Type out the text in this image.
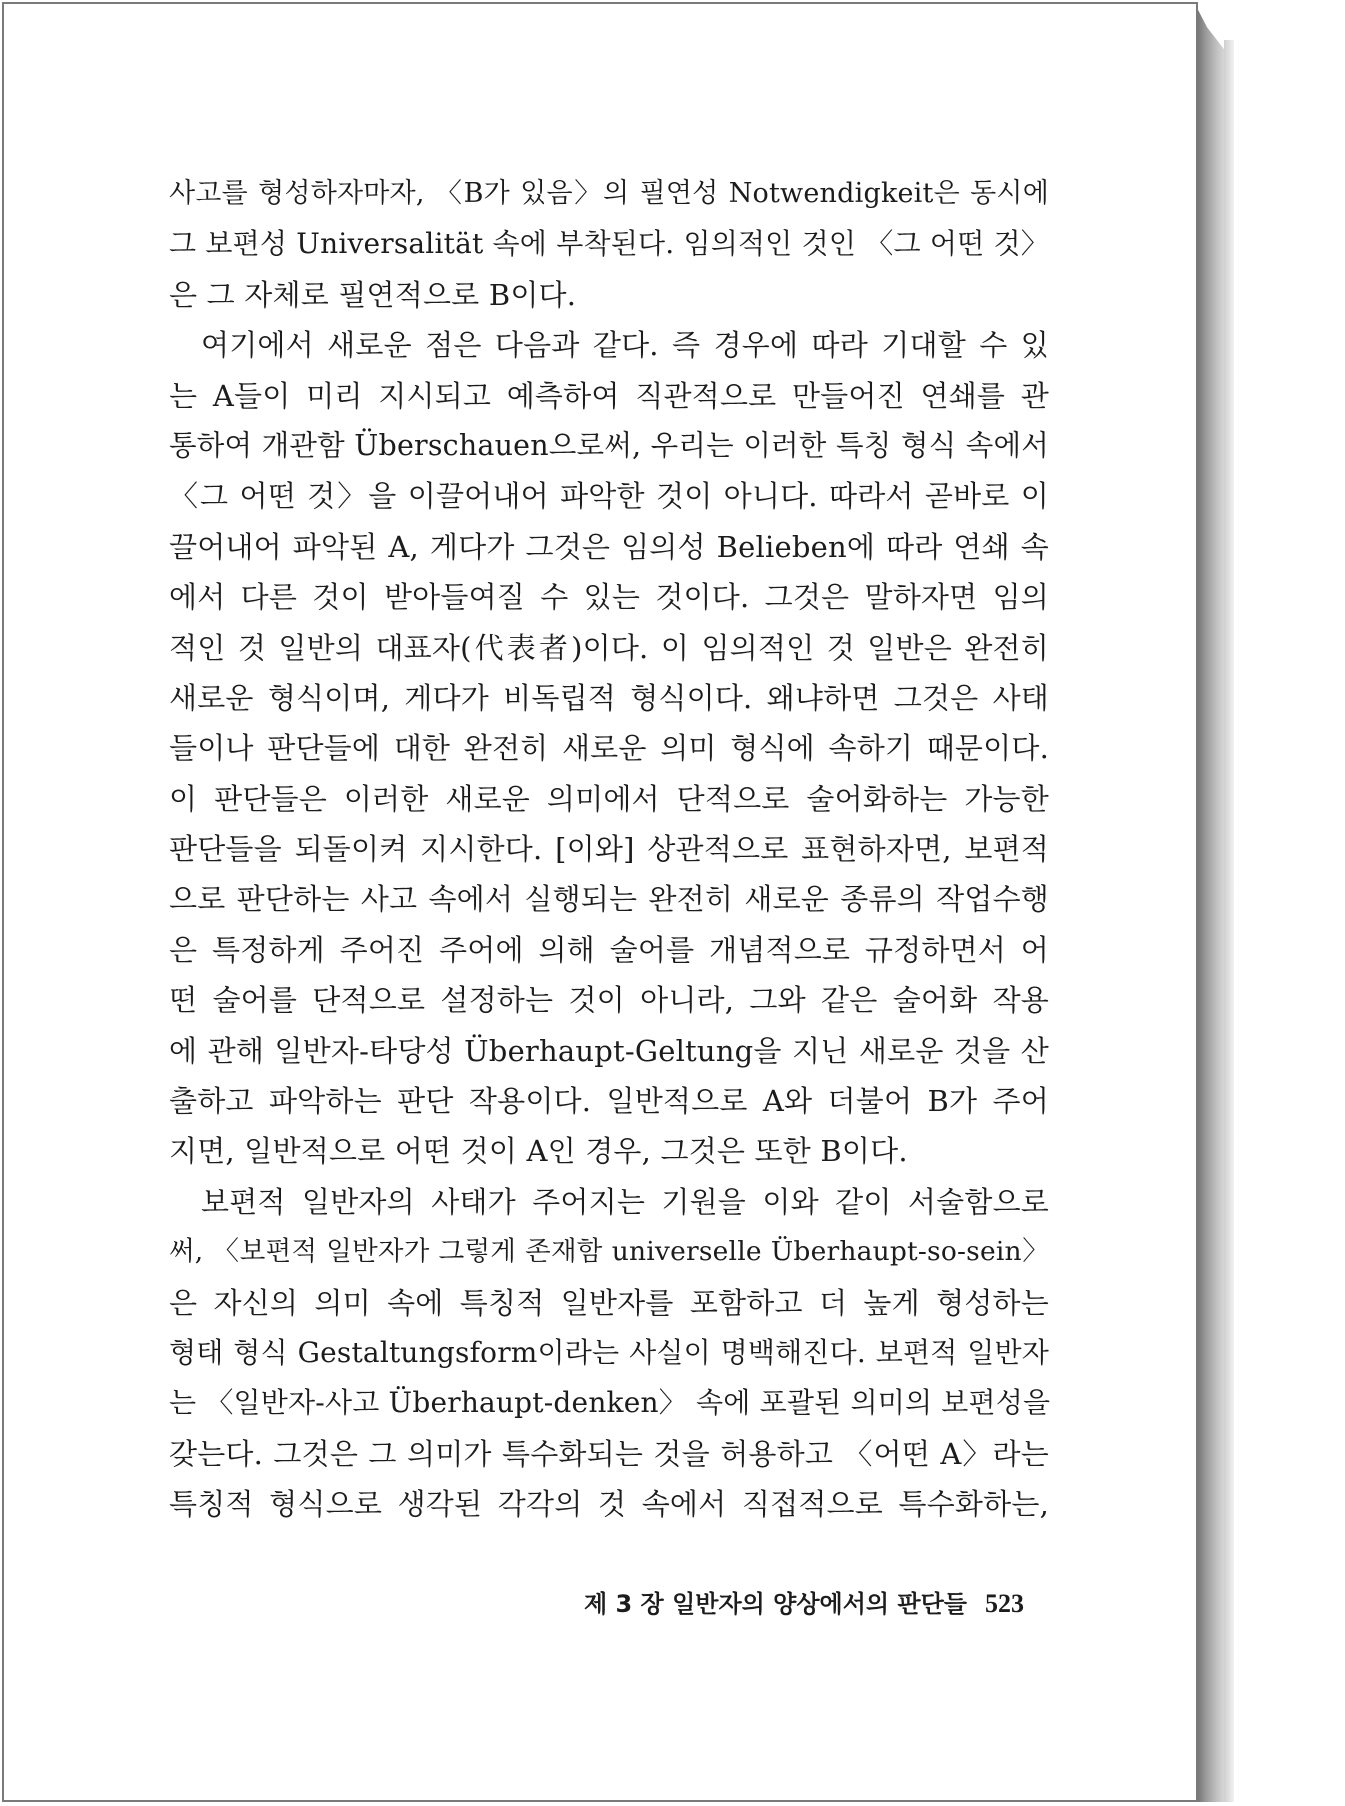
사고를 형성하자마자, 〈B가 있음〉의 필연성 Notwendigkeit은 동시에
그 보편성 Universalität 속에 부착된다. 임의적인 것인 〈그 어떤 것〉
은 그 자체로 필연적으로 B이다.
여기에서 새로운 점은 다음과 같다. 즉 경우에 따라 기대할 수 있
는 A들이 미리 지시되고 예측하여 직관적으로 만들어진 연쇄를 관
통하여 개관함 Überschauen으로써, 우리는 이러한 특칭 형식 속에서
〈그 어떤 것〉을 이끌어내어 파악한 것이 아니다. 따라서 곧바로 이
끌어내어 파악된 A, 게다가 그것은 임의성 Belieben에 따라 연쇄 속
에서 다른 것이 받아들여질 수 있는 것이다. 그것은 말하자면 임의
적인 것 일반의 대표자(代表者)이다. 이 임의적인 것 일반은 완전히
새로운 형식이며, 게다가 비독립적 형식이다. 왜냐하면 그것은 사태
들이나 판단들에 대한 완전히 새로운 의미 형식에 속하기 때문이다.
이 판단들은 이러한 새로운 의미에서 단적으로 술어화하는 가능한
판단들을 되돌이켜 지시한다. [이와] 상관적으로 표현하자면, 보편적
으로 판단하는 사고 속에서 실행되는 완전히 새로운 종류의 작업수행
은 특정하게 주어진 주어에 의해 술어를 개념적으로 규정하면서 어
떤 술어를 단적으로 설정하는 것이 아니라, 그와 같은 술어화 작용
에 관해 일반자-타당성 Überhaupt-Geltung을 지닌 새로운 것을 산
출하고 파악하는 판단 작용이다. 일반적으로 A와 더불어 B가 주어
지면, 일반적으로 어떤 것이 A인 경우, 그것은 또한 B이다.
보편적 일반자의 사태가 주어지는 기원을 이와 같이 서술함으로
써, 〈보편적 일반자가 그렇게 존재함 universelle Überhaupt-so-sein〉
은 자신의 의미 속에 특칭적 일반자를 포함하고 더 높게 형성하는
형태 형식 Gestaltungsform이라는 사실이 명백해진다. 보편적 일반자
는 〈일반자-사고 Überhaupt-denken〉 속에 포괄된 의미의 보편성을
갖는다. 그것은 그 의미가 특수화되는 것을 허용하고 〈어떤 A〉라는
특칭적 형식으로 생각된 각각의 것 속에서 직접적으로 특수화하는,
제 3 장 일반자의 양상에서의 판단들 523
